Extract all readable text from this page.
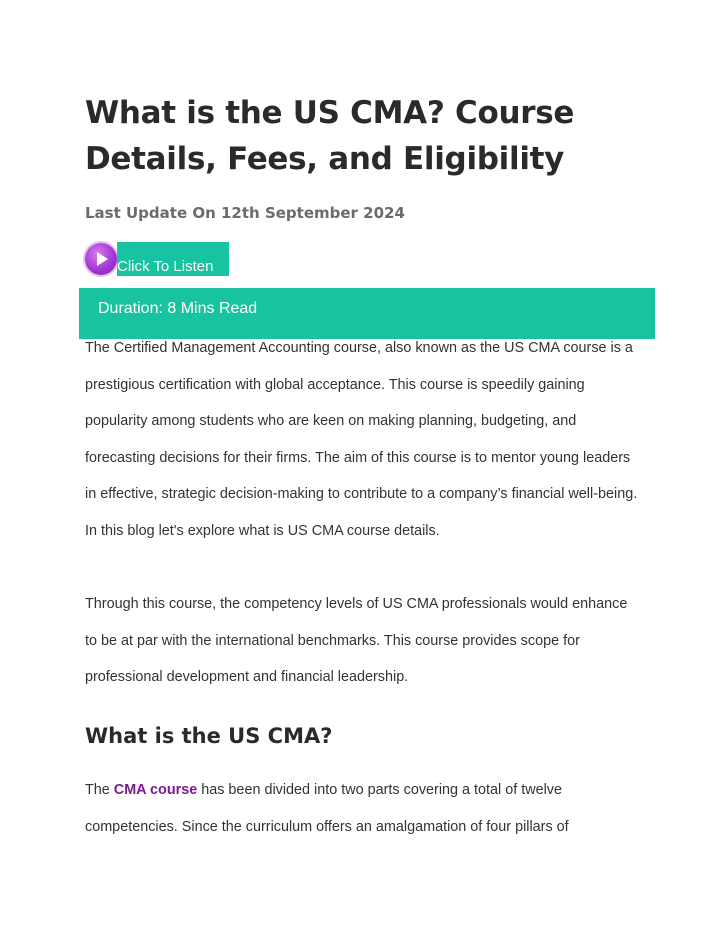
What is the US CMA? Course Details, Fees, and Eligibility

Last Update On 12th September 2024

Click To Listen
Duration: 8 Mins Read

The Certified Management Accounting course, also known as the US CMA course is a prestigious certification with global acceptance. This course is speedily gaining popularity among students who are keen on making planning, budgeting, and forecasting decisions for their firms. The aim of this course is to mentor young leaders in effective, strategic decision-making to contribute to a company’s financial well-being. In this blog let's explore what is US CMA course details.

Through this course, the competency levels of US CMA professionals would enhance to be at par with the international benchmarks. This course provides scope for professional development and financial leadership.

What is the US CMA?

The CMA course has been divided into two parts covering a total of twelve competencies. Since the curriculum offers an amalgamation of four pillars of
